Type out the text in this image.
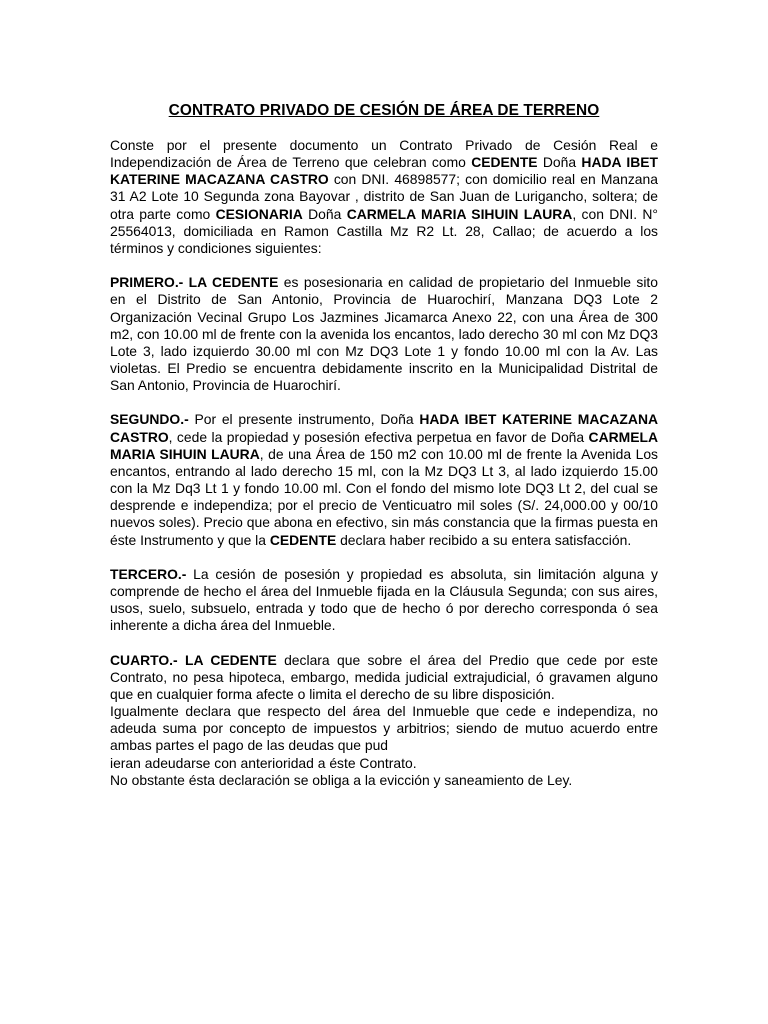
CONTRATO PRIVADO DE CESIÓN DE ÁREA DE TERRENO

Conste por el presente documento un Contrato Privado de Cesión Real e Independización de Área de Terreno que celebran como CEDENTE Doña HADA IBET KATERINE MACAZANA CASTRO con DNI. 46898577; con domicilio real en Manzana 31 A2 Lote 10 Segunda zona Bayovar , distrito de San Juan de Lurigancho, soltera; de otra parte como CESIONARIA Doña CARMELA MARIA SIHUIN LAURA, con DNI. N° 25564013, domiciliada en Ramon Castilla Mz R2 Lt. 28, Callao; de acuerdo a los términos y condiciones siguientes:

PRIMERO.- LA CEDENTE es posesionaria en calidad de propietario del Inmueble sito en el Distrito de San Antonio, Provincia de Huarochirí, Manzana DQ3 Lote 2 Organización Vecinal Grupo Los Jazmines Jicamarca Anexo 22, con una Área de 300 m2, con 10.00 ml de frente con la avenida los encantos, lado derecho 30 ml con Mz DQ3 Lote 3, lado izquierdo 30.00 ml con Mz DQ3 Lote 1 y fondo 10.00 ml con la Av. Las violetas. El Predio se encuentra debidamente inscrito en la Municipalidad Distrital de San Antonio, Provincia de Huarochirí.

SEGUNDO.- Por el presente instrumento, Doña HADA IBET KATERINE MACAZANA CASTRO, cede la propiedad y posesión efectiva perpetua en favor de Doña CARMELA MARIA SIHUIN LAURA, de una Área de 150 m2 con 10.00 ml de frente la Avenida Los encantos, entrando al lado derecho 15 ml, con la Mz DQ3 Lt 3, al lado izquierdo 15.00 con la Mz Dq3 Lt 1 y fondo 10.00 ml. Con el fondo del mismo lote DQ3 Lt 2, del cual se desprende e independiza; por el precio de Venticuatro mil soles (S/. 24,000.00 y 00/10 nuevos soles). Precio que abona en efectivo, sin más constancia que la firmas puesta en éste Instrumento y que la CEDENTE declara haber recibido a su entera satisfacción.

TERCERO.- La cesión de posesión y propiedad es absoluta, sin limitación alguna y comprende de hecho el área del Inmueble fijada en la Cláusula Segunda; con sus aires, usos, suelo, subsuelo, entrada y todo que de hecho ó por derecho corresponda ó sea inherente a dicha área del Inmueble.

CUARTO.- LA CEDENTE declara que sobre el área del Predio que cede por este Contrato, no pesa hipoteca, embargo, medida judicial extrajudicial, ó gravamen alguno que en cualquier forma afecte o limita el derecho de su libre disposición.

Igualmente declara que respecto del área del Inmueble que cede e independiza, no adeuda suma por concepto de impuestos y arbitrios; siendo de mutuo acuerdo entre ambas partes el pago de las deudas que pud

ieran adeudarse con anterioridad a éste Contrato.

No obstante ésta declaración se obliga a la evicción y saneamiento de Ley.
